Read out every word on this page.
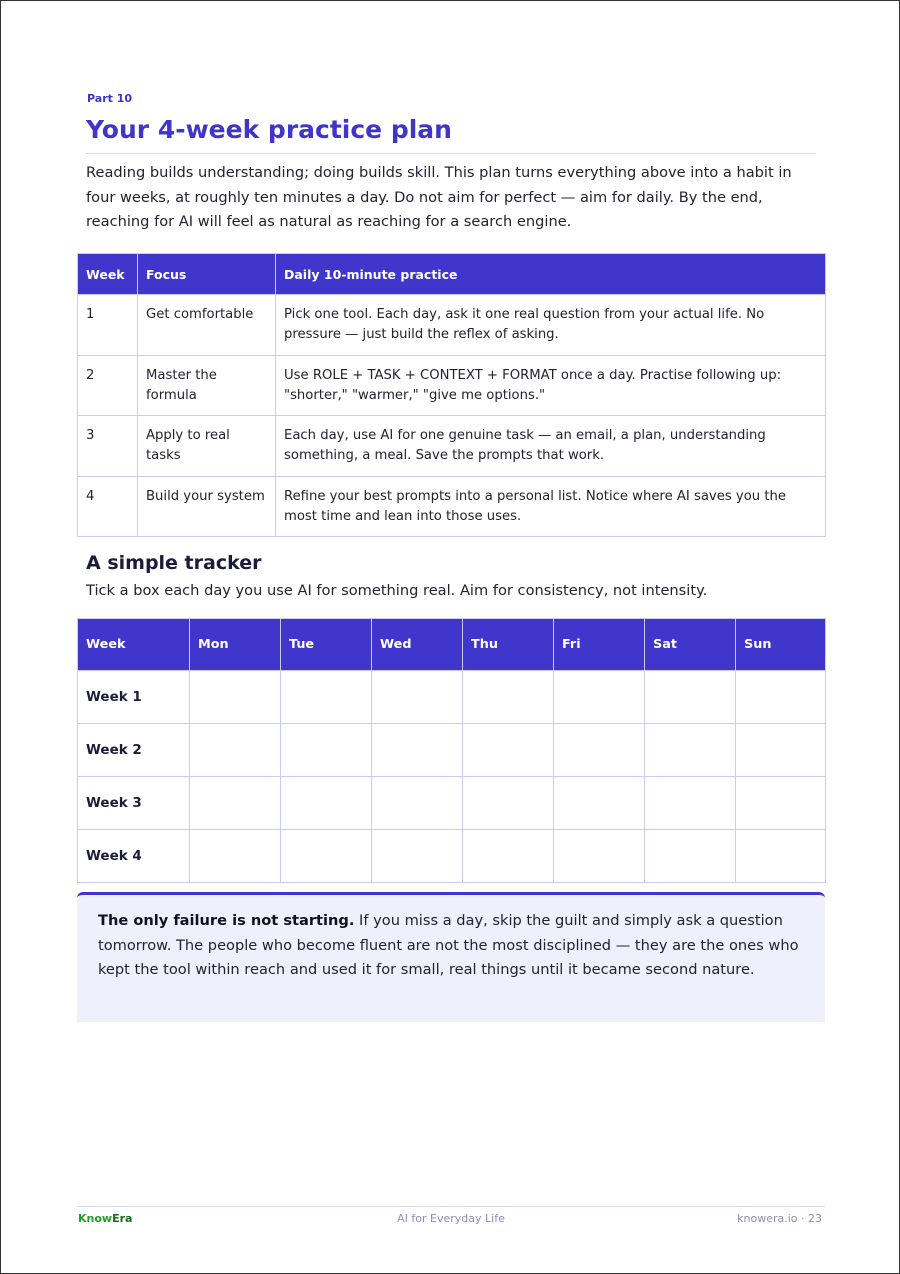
Part 10
Your 4-week practice plan

Reading builds understanding; doing builds skill. This plan turns everything above into a habit in four weeks, at roughly ten minutes a day. Do not aim for perfect — aim for daily. By the end, reaching for AI will feel as natural as reaching for a search engine.

Week	Focus	Daily 10-minute practice
1	Get comfortable	Pick one tool. Each day, ask it one real question from your actual life. No pressure — just build the reflex of asking.
2	Master the formula	Use ROLE + TASK + CONTEXT + FORMAT once a day. Practise following up: "shorter," "warmer," "give me options."
3	Apply to real tasks	Each day, use AI for one genuine task — an email, a plan, understanding something, a meal. Save the prompts that work.
4	Build your system	Refine your best prompts into a personal list. Notice where AI saves you the most time and lean into those uses.
A simple tracker

Tick a box each day you use AI for something real. Aim for consistency, not intensity.

Week	Mon	Tue	Wed	Thu	Fri	Sat	Sun
Week 1							
Week 2							
Week 3							
Week 4							
The only failure is not starting. If you miss a day, skip the guilt and simply ask a question tomorrow. The people who become fluent are not the most disciplined — they are the ones who kept the tool within reach and used it for small, real things until it became second nature.
KnowEra	AI for Everyday Life	knowera.io · 23
